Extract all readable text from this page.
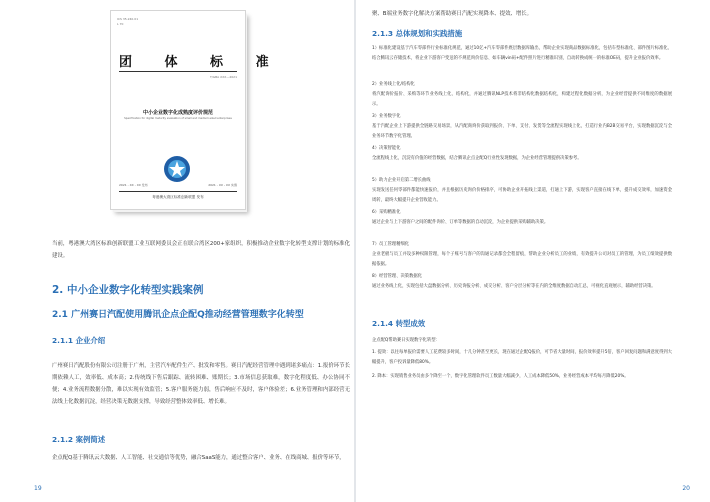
ICS 35.240.01
L 70
团 体 标 准
T/GBA XXX—2021
中小企业数字化成熟度评价规范
Specification for digital maturity evaluation of small and medium-sized enterprises
2021 - XX - XX 发布	2021 - XX - XX 实施
粤港澳大湾区标准创新联盟 发布

当前，粤港澳大湾区标准创新联盟工业互联网委员会正在联合湾区200+家组织，积极推动企业数字化转型支撑计划的标准化建设。

2. 中小企业数字化转型实践案例
2.1 广州赛日汽配使用腾讯企点企配Q推动经营管理数字化转型
2.1.1 企业介绍

广州赛日汽配股份有限公司注册于广州，主营汽车配件生产、批发和零售。赛日汽配经营管理中遇到诸多痛点：1.报价环节长期依赖人工，效率低、成本高；2.传统线下售后跟踪、流转困难、账期长；3.市场信息获取难，数字化程度低、办公协同不便；4.业务流程数据分散，难以实现有效监管；5.客户服务能力弱，售后响应不及时，客户体验差；6.业务管理和内部经营无法线上化数据沉淀，经营决策无数据支撑，导致经营整体效率低、增长难。

2.1.2 案例简述

企点配Q基于腾讯云大数据、人工智能、社交通信等优势，融合SaaS能力，通过整合客户、业务、在线商城、报价等环节，

19

聚、B端业务数字化解决方案帮助赛日汽配实现降本、提效、增长。

2.1.3 总体规划和实践措施

1）标准化建设基于汽车零部件行业标准化规范，通过10亿+汽车零部件底层数据库输出，帮助企业实现商品数据标准化，包括车型标准化、部件图片标准化、结合腾讯云存储技术，将企业下游客户变送的不规范询价信息、如车辆vin码+配件照片进行精准识别，自动转换成统一的标准OE码，提升企业报价效率。

2）业务线上化/结构化

将汽配询价报价、采购等环节业务线上化、结构化，并通过腾讯NLP技术将非结构化数据结构化，构建过程化数据分析，为企业经营提供不同维度的数据展示。

3）业务数字化

基于汽配企业上下游提供全链路交易场景，从汽配商询价获取到报价、下单、支付、发货等全流程实现线上化，打造行业内B2B交易平台，实现数据沉淀与全业务环节数字化管理。

4）决策智能化

全流程线上化，沉淀有价值的经营数据，结合腾讯企点企配Q行业性发现数据，为企业经营管理提供决策参考。

5）助力企业开启第二增长曲线

实现发送任何零部件都能快速报价，并且根据历史询价价格排序，可协助企业开拓线上渠道，打通上下游，实现客户直接在线下单，提升成交效率，加速资金周转，最终大幅提升企业营收能力。

6）采购精准化

通过企业与上下游客户之间的配件询价、订单等数据的自动沉淀，为企业提供采购辅助决策。

7）员工管理精细化

企业老板与员工并设多种权限管理，每个子账号与客户的沟通记录都会全程留痕，帮助企业分析员工的业绩，有效提升公司对员工的管理，为员工绩效提供数据依据。

8）经营管理、决策数据化

通过业务线上化，实现包括大盘数据分析、历史询报分析、成交分析、客户分层分析等在内的全维度数据自动汇总，可视化直观展示，辅助经营决策。

2.1.4 转型成效

企点配Q帮助赛日实现数字化转型：

1. 提效：以往每单报价需要人工花费较多时间，十几分钟甚至更长，现在通过企配Q报价，可节省大量时间，报价效率提升5倍，客户回复问题和满意度得到大幅提升，客户投诉量降低80%。

2. 降本：实现销售业务员由多个降至一个，数字化管理软件员工数量大幅减少，人工成本降低50%，业务经营成本平均每月降低20%。

20
